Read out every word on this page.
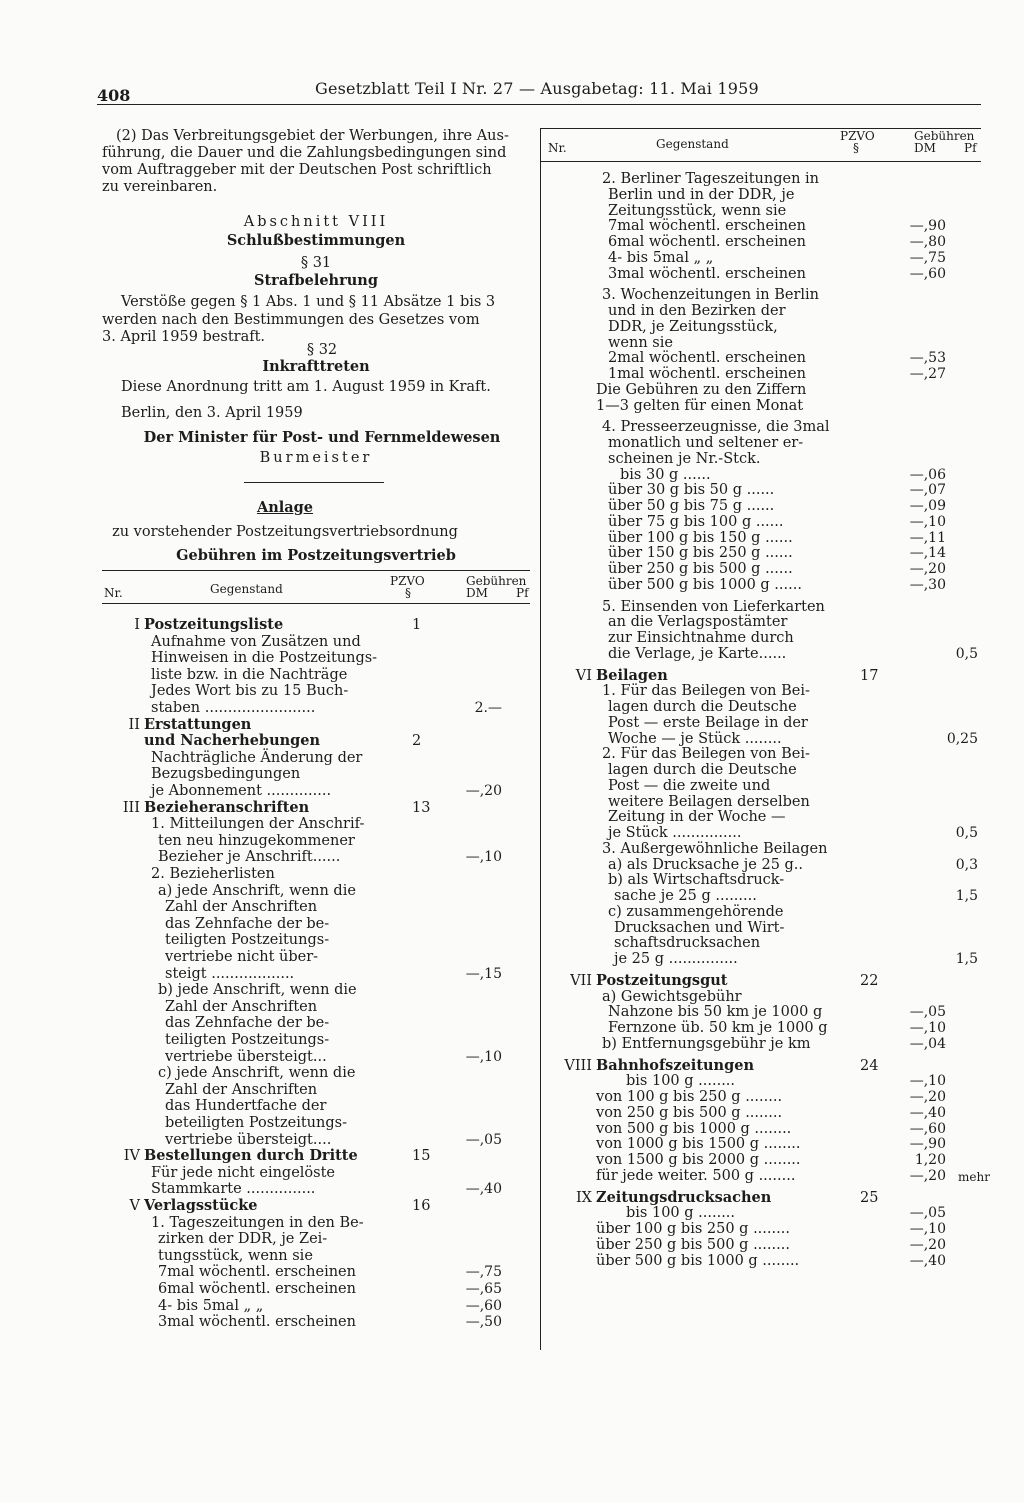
408	Gesetzblatt Teil I Nr. 27 — Ausgabetag: 11. Mai 1959
(2) Das Verbreitungsgebiet der Werbungen, ihre Aus-
führung, die Dauer und die Zahlungsbedingungen sind
vom Auftraggeber mit der Deutschen Post schriftlich
zu vereinbaren.
Abschnitt VIII
Schlußbestimmungen
§ 31
Strafbelehrung
Verstöße gegen § 1 Abs. 1 und § 11 Absätze 1 bis 3
werden nach den Bestimmungen des Gesetzes vom
3. April 1959 bestraft.
§ 32
Inkrafttreten
Diese Anordnung tritt am 1. August 1959 in Kraft.
Berlin, den 3. April 1959
Der Minister für Post- und Fernmeldewesen
Burmeister
Anlage
zu vorstehender Postzeitungsvertriebsordnung
Gebühren im Postzeitungsvertrieb
Nr.	Gegenstand
PZVO
§
Gebühren
DM Pf
I Postzeitungsliste	1
Aufnahme von Zusätzen und
Hinweisen in die Postzeitungs-
liste bzw. in die Nachträge
Jedes Wort bis zu 15 Buch-
staben ........................	2.—
II Erstattungen
und Nacherhebungen	2
Nachträgliche Änderung der
Bezugsbedingungen
je Abonnement ..............	—,20
III Bezieheranschriften	13
1. Mitteilungen der Anschrif-
ten neu hinzugekommener
Bezieher je Anschrift......	—,10
2. Bezieherlisten
a) jede Anschrift, wenn die
Zahl der Anschriften
das Zehnfache der be-
teiligten Postzeitungs-
vertriebe nicht über-
steigt ..................	—,15
b) jede Anschrift, wenn die
Zahl der Anschriften
das Zehnfache der be-
teiligten Postzeitungs-
vertriebe übersteigt...	—,10
c) jede Anschrift, wenn die
Zahl der Anschriften
das Hundertfache der
beteiligten Postzeitungs-
vertriebe übersteigt....	—,05
IV Bestellungen durch Dritte	15
Für jede nicht eingelöste
Stammkarte ...............	—,40
V Verlagsstücke	16
1. Tageszeitungen in den Be-
zirken der DDR, je Zei-
tungsstück, wenn sie
7mal wöchentl. erscheinen	—,75
6mal wöchentl. erscheinen	—,65
4- bis 5mal „ „	—,60
3mal wöchentl. erscheinen	—,50
Nr.	Gegenstand
PZVO
§
Gebühren
DM Pf
2. Berliner Tageszeitungen in
Berlin und in der DDR, je
Zeitungsstück, wenn sie
7mal wöchentl. erscheinen	—,90
6mal wöchentl. erscheinen	—,80
4- bis 5mal „ „	—,75
3mal wöchentl. erscheinen	—,60
3. Wochenzeitungen in Berlin
und in den Bezirken der
DDR, je Zeitungsstück,
wenn sie
2mal wöchentl. erscheinen	—,53
1mal wöchentl. erscheinen	—,27
Die Gebühren zu den Ziffern
1—3 gelten für einen Monat
4. Presseerzeugnisse, die 3mal
monatlich und seltener er-
scheinen je Nr.-Stck.
bis 30 g ......	—,06
über 30 g bis 50 g ......	—,07
über 50 g bis 75 g ......	—,09
über 75 g bis 100 g ......	—,10
über 100 g bis 150 g ......	—,11
über 150 g bis 250 g ......	—,14
über 250 g bis 500 g ......	—,20
über 500 g bis 1000 g ......	—,30
5. Einsenden von Lieferkarten
an die Verlagspostämter
zur Einsichtnahme durch
die Verlage, je Karte......	0,5
VI Beilagen	17
1. Für das Beilegen von Bei-
lagen durch die Deutsche
Post — erste Beilage in der
Woche — je Stück ........	0,25
2. Für das Beilegen von Bei-
lagen durch die Deutsche
Post — die zweite und
weitere Beilagen derselben
Zeitung in der Woche —
je Stück ...............	0,5
3. Außergewöhnliche Beilagen
a) als Drucksache je 25 g..	0,3
b) als Wirtschaftsdruck-
sache je 25 g .........	1,5
c) zusammengehörende
Drucksachen und Wirt-
schaftsdrucksachen
je 25 g ...............	1,5
VII Postzeitungsgut	22
a) Gewichtsgebühr
Nahzone bis 50 km je 1000 g	—,05
Fernzone üb. 50 km je 1000 g	—,10
b) Entfernungsgebühr je km	—,04
VIII Bahnhofszeitungen	24
bis 100 g ........	—,10
von 100 g bis 250 g ........	—,20
von 250 g bis 500 g ........	—,40
von 500 g bis 1000 g ........	—,60
von 1000 g bis 1500 g ........	—,90
von 1500 g bis 2000 g ........	1,20
für jede weiter. 500 g ........	—,20 mehr
IX Zeitungsdrucksachen	25
bis 100 g ........	—,05
über 100 g bis 250 g ........	—,10
über 250 g bis 500 g ........	—,20
über 500 g bis 1000 g ........	—,40
